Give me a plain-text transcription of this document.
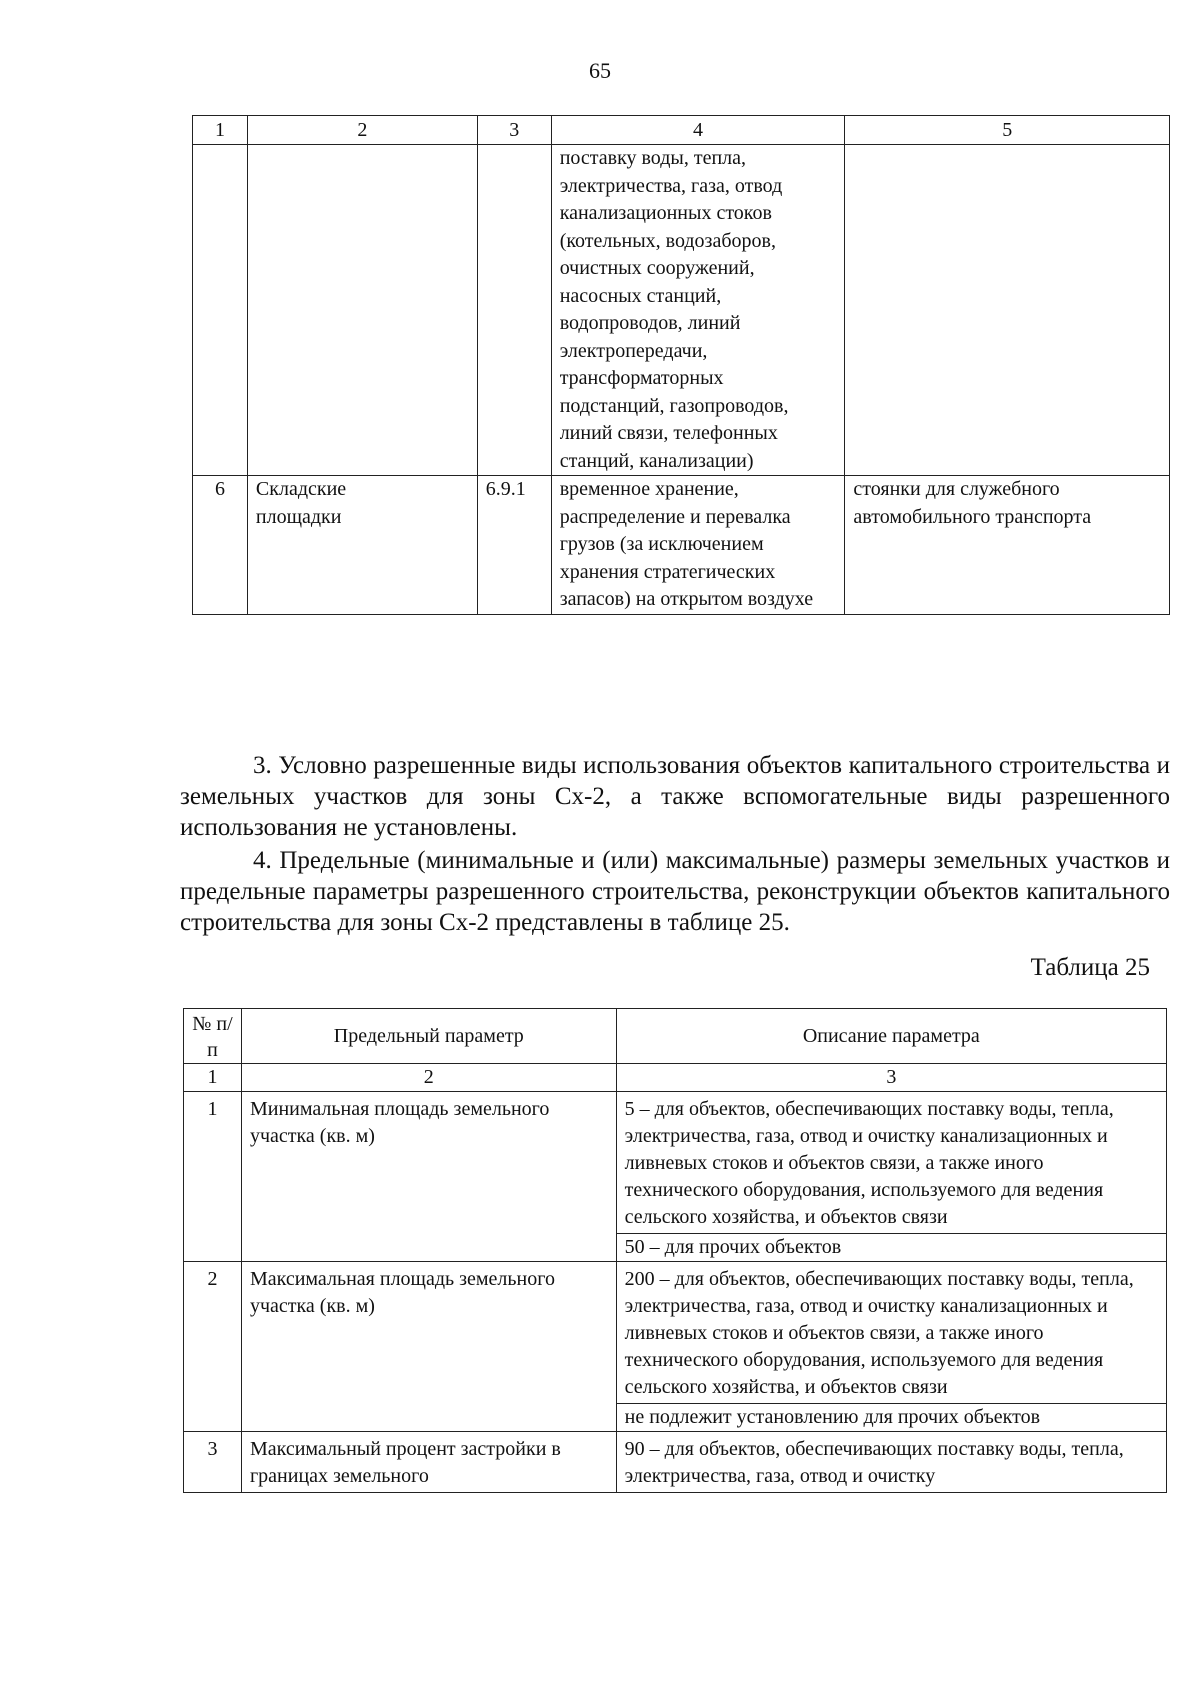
65
1	2	3	4	5
			поставку воды, тепла, электричества, газа, отвод канализационных стоков (котельных, водозаборов, очистных сооружений, насосных станций, водопроводов, линий электропередачи, трансформаторных подстанций, газопроводов, линий связи, телефонных станций, канализации)	
6	Складские площадки	6.9.1	временное хранение, распределение и перевалка грузов (за исключением хранения стратегических запасов) на открытом воздухе	стоянки для служебного автомобильного транспорта

3. Условно разрешенные виды использования объектов капитального строительства и земельных участков для зоны Сх-2, а также вспомогательные виды разрешенного использования не установлены.

4. Предельные (минимальные и (или) максимальные) размеры земельных участков и предельные параметры разрешенного строительства, реконструкции объектов капитального строительства для зоны Сх-2 представлены в таблице 25.

Таблица 25
№ п/п	Предельный параметр	Описание параметра
1	2	3
1	Минимальная площадь земельного участка (кв. м)	5 – для объектов, обеспечивающих поставку воды, тепла, электричества, газа, отвод и очистку канализационных и ливневых стоков и объектов связи, а также иного технического оборудования, используемого для ведения сельского хозяйства, и объектов связи
		50 – для прочих объектов
2	Максимальная площадь земельного участка (кв. м)	200 – для объектов, обеспечивающих поставку воды, тепла, электричества, газа, отвод и очистку канализационных и ливневых стоков и объектов связи, а также иного технического оборудования, используемого для ведения сельского хозяйства, и объектов связи
		не подлежит установлению для прочих объектов
3	Максимальный процент застройки в границах земельного	90 – для объектов, обеспечивающих поставку воды, тепла, электричества, газа, отвод и очистку
